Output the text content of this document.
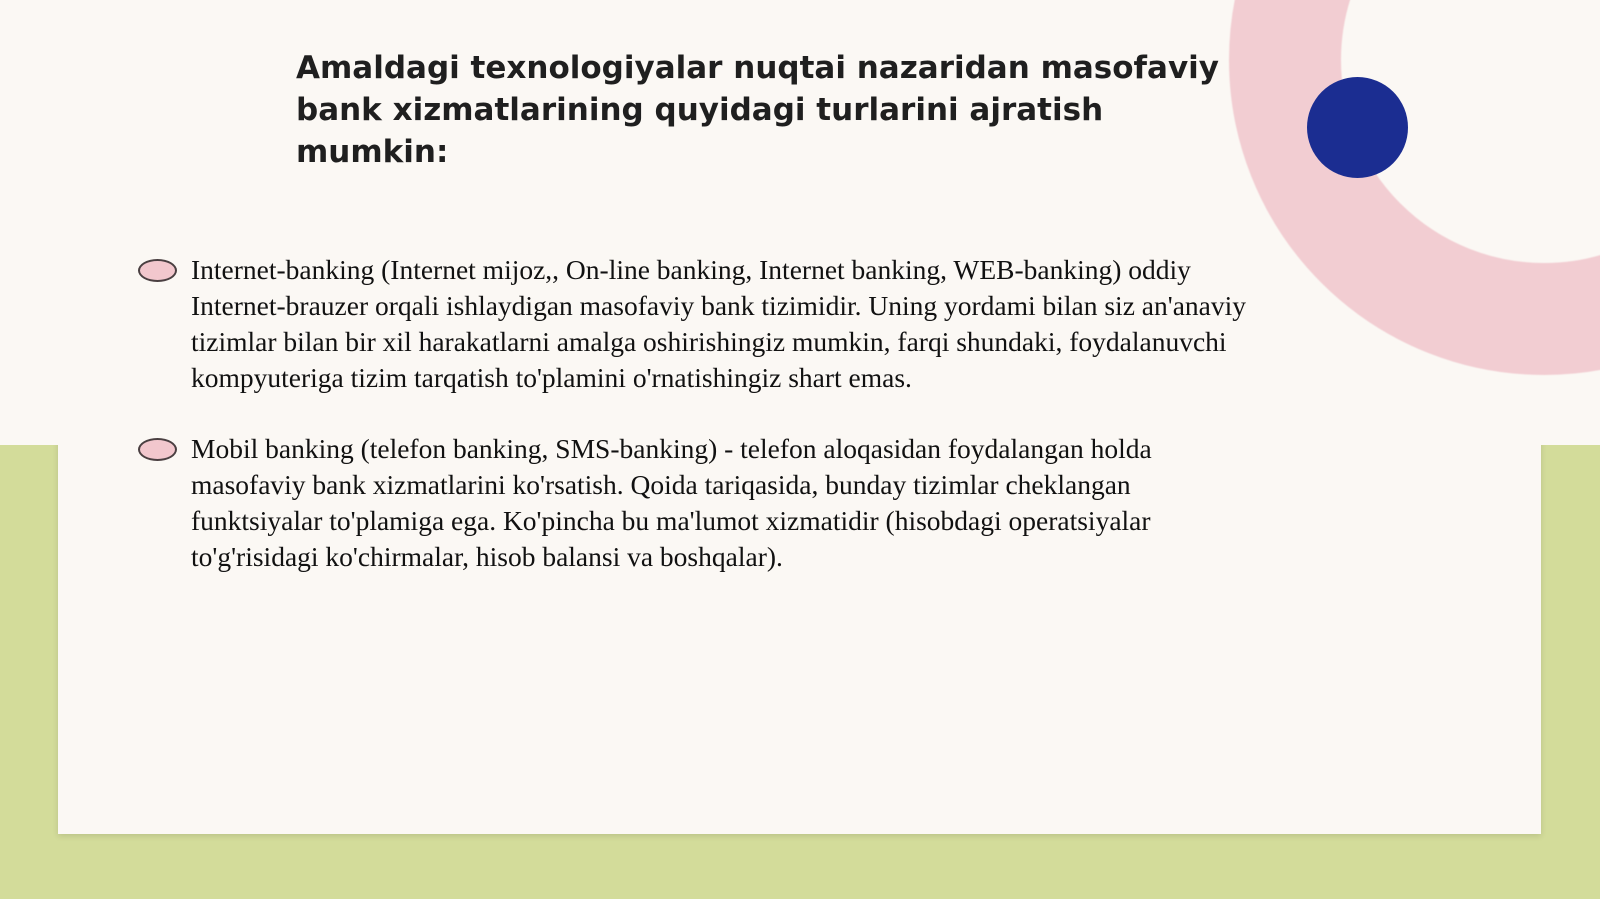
Amaldagi texnologiyalar nuqtai nazaridan masofaviy bank xizmatlarining quyidagi turlarini ajratish mumkin:
Internet-banking (Internet mijoz,, On-line banking, Internet banking, WEB-banking) oddiy Internet-brauzer orqali ishlaydigan masofaviy bank tizimidir. Uning yordami bilan siz an'anaviy tizimlar bilan bir xil harakatlarni amalga oshirishingiz mumkin, farqi shundaki, foydalanuvchi kompyuteriga tizim tarqatish to'plamini o'rnatishingiz shart emas.
Mobil banking (telefon banking, SMS-banking) - telefon aloqasidan foydalangan holda masofaviy bank xizmatlarini ko'rsatish. Qoida tariqasida, bunday tizimlar cheklangan funktsiyalar to'plamiga ega. Ko'pincha bu ma'lumot xizmatidir (hisobdagi operatsiyalar to'g'risidagi ko'chirmalar, hisob balansi va boshqalar).
